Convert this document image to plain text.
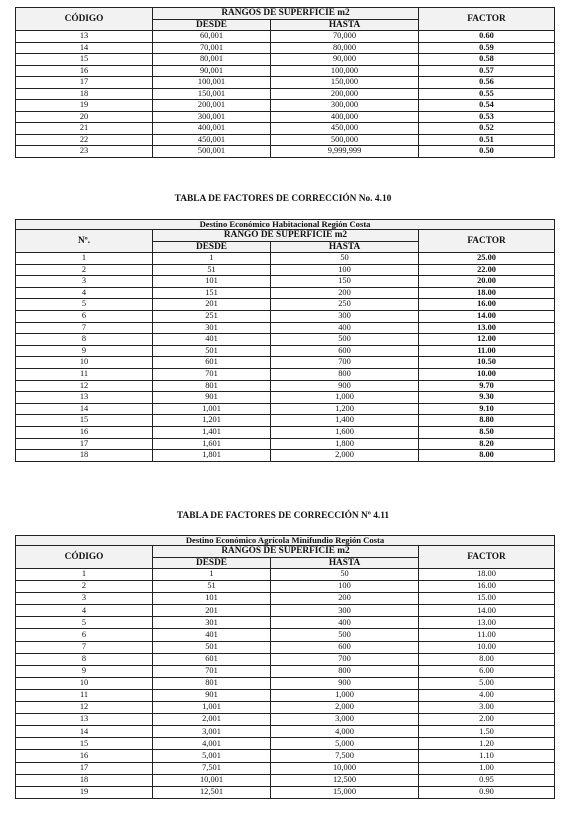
CÓDIGO	RANGOS DE SUPERFICIE m2		FACTOR
	DESDE	HASTA	
13	60,001	70,000	0.60
14	70,001	80,000	0.59
15	80,001	90,000	0.58
16	90,001	100,000	0.57
17	100,001	150,000	0.56
18	150,001	200,000	0.55
19	200,001	300,000	0.54
20	300,001	400,000	0.53
21	400,001	450,000	0.52
22	450,001	500,000	0.51
23	500,001	9,999,999	0.50
TABLA DE FACTORES DE CORRECCIÓN No. 4.10
Destino Económico Habitacional Región Costa			
Nº.	RANGO DE SUPERFICIE m2		FACTOR
	DESDE	HASTA	
1	1	50	25.00
2	51	100	22.00
3	101	150	20.00
4	151	200	18.00
5	201	250	16.00
6	251	300	14.00
7	301	400	13.00
8	401	500	12.00
9	501	600	11.00
10	601	700	10.50
11	701	800	10.00
12	801	900	9.70
13	901	1,000	9.30
14	1,001	1,200	9.10
15	1,201	1,400	8.80
16	1,401	1,600	8.50
17	1,601	1,800	8.20
18	1,801	2,000	8.00
TABLA DE FACTORES DE CORRECCIÓN Nº 4.11
Destino Económico Agrícola Minifundio Región Costa			
CÓDIGO	RANGOS DE SUPERFICIE m2		FACTOR
	DESDE	HASTA	
1	1	50	18.00
2	51	100	16.00
3	101	200	15.00
4	201	300	14.00
5	301	400	13.00
6	401	500	11.00
7	501	600	10.00
8	601	700	8.00
9	701	800	6.00
10	801	900	5.00
11	901	1,000	4.00
12	1,001	2,000	3.00
13	2,001	3,000	2.00
14	3,001	4,000	1.50
15	4,001	5,000	1.20
16	5,001	7,500	1.10
17	7,501	10,000	1.00
18	10,001	12,500	0.95
19	12,501	15,000	0.90
